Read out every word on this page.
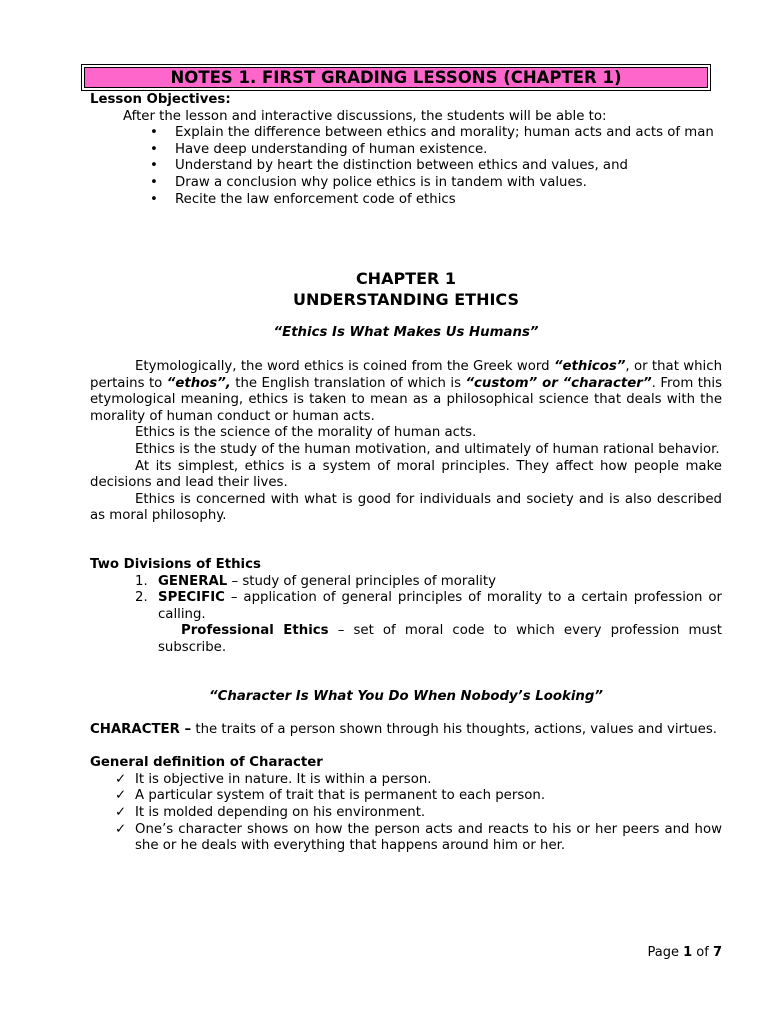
NOTES 1. FIRST GRADING LESSONS (CHAPTER 1)
Lesson Objectives:
After the lesson and interactive discussions, the students will be able to:
• Explain the difference between ethics and morality; human acts and acts of man
• Have deep understanding of human existence.
• Understand by heart the distinction between ethics and values, and
• Draw a conclusion why police ethics is in tandem with values.
• Recite the law enforcement code of ethics
CHAPTER 1
UNDERSTANDING ETHICS
“Ethics Is What Makes Us Humans”

Etymologically, the word ethics is coined from the Greek word “ethicos”, or that which pertains to “ethos”, the English translation of which is “custom” or “character”. From this etymological meaning, ethics is taken to mean as a philosophical science that deals with the morality of human conduct or human acts.

Ethics is the science of the morality of human acts.

Ethics is the study of the human motivation, and ultimately of human rational behavior.

At its simplest, ethics is a system of moral principles. They affect how people make decisions and lead their lives.

Ethics is concerned with what is good for individuals and society and is also described as moral philosophy.

Two Divisions of Ethics
1. GENERAL – study of general principles of morality
2. SPECIFIC – application of general principles of morality to a certain profession or calling.
Professional Ethics – set of moral code to which every profession must subscribe.
“Character Is What You Do When Nobody’s Looking”

CHARACTER – the traits of a person shown through his thoughts, actions, values and virtues.

General definition of Character
✓ It is objective in nature. It is within a person.
✓ A particular system of trait that is permanent to each person.
✓ It is molded depending on his environment.
✓ One’s character shows on how the person acts and reacts to his or her peers and how she or he deals with everything that happens around him or her.
Page 1 of 7
